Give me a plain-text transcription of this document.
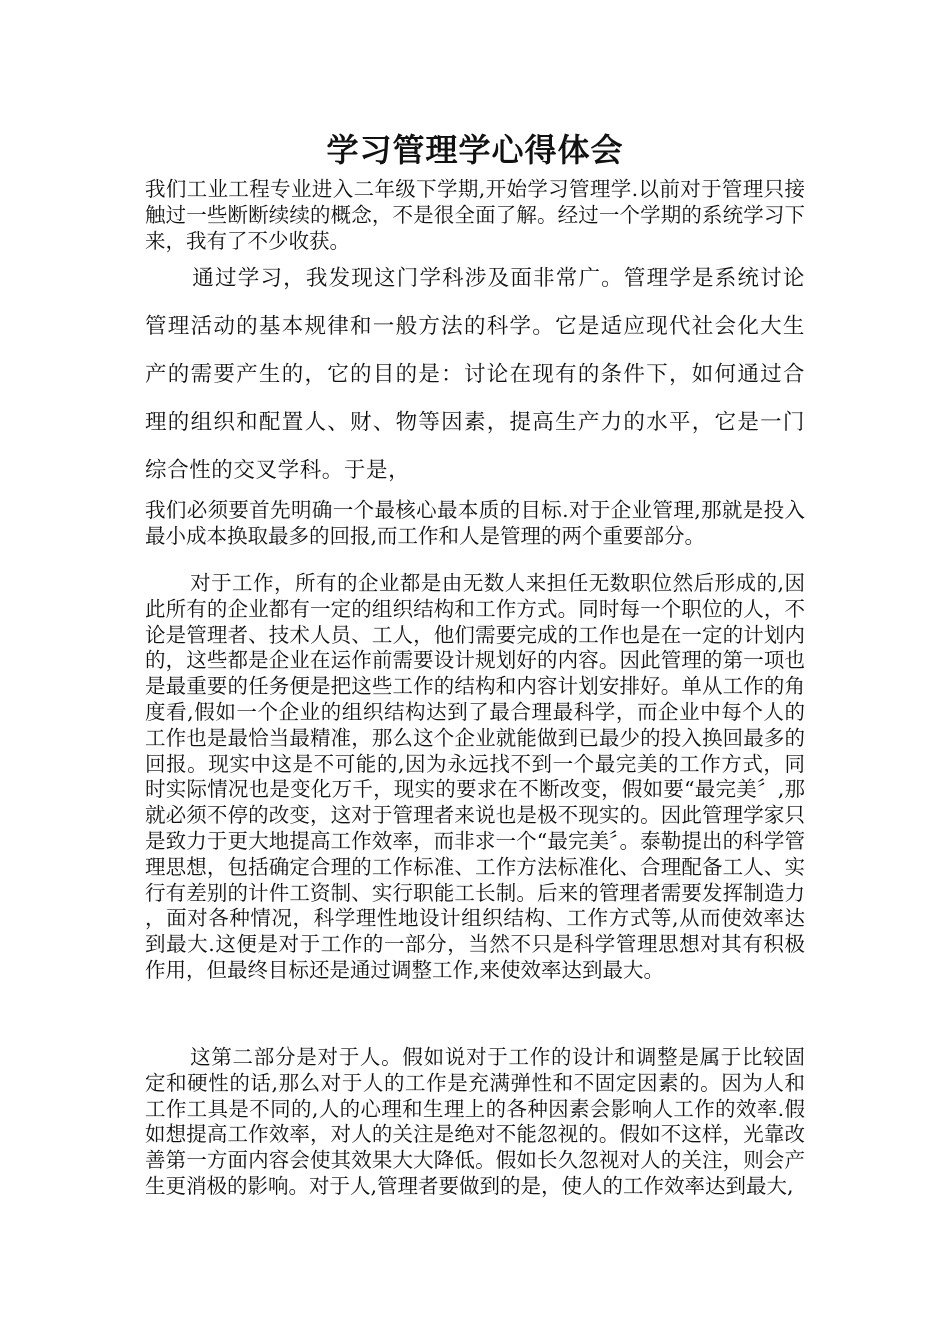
学习管理学心得体会

我们工业工程专业进入二年级下学期,开始学习管理学.以前对于管理只接触过一些断断续续的概念，不是很全面了解。经过一个学期的系统学习下来，我有了不少收获。

通过学习，我发现这门学科涉及面非常广。管理学是系统讨论管理活动的基本规律和一般方法的科学。它是适应现代社会化大生产的需要产生的，它的目的是：讨论在现有的条件下，如何通过合理的组织和配置人、财、物等因素，提高生产力的水平，它是一门综合性的交叉学科。于是，

我们必须要首先明确一个最核心最本质的目标.对于企业管理,那就是投入最小成本换取最多的回报,而工作和人是管理的两个重要部分。

对于工作，所有的企业都是由无数人来担任无数职位然后形成的,因此所有的企业都有一定的组织结构和工作方式。同时每一个职位的人，不论是管理者、技术人员、工人，他们需要完成的工作也是在一定的计划内的，这些都是企业在运作前需要设计规划好的内容。因此管理的第一项也是最重要的任务便是把这些工作的结构和内容计划安排好。单从工作的角度看,假如一个企业的组织结构达到了最合理最科学，而企业中每个人的工作也是最恰当最精准，那么这个企业就能做到已最少的投入换回最多的回报。现实中这是不可能的,因为永远找不到一个最完美的工作方式，同时实际情况也是变化万千，现实的要求在不断改变，假如要“最完美〞,那就必须不停的改变，这对于管理者来说也是极不现实的。因此管理学家只是致力于更大地提高工作效率，而非求一个“最完美〞。泰勒提出的科学管理思想，包括确定合理的工作标准、工作方法标准化、合理配备工人、实行有差别的计件工资制、实行职能工长制。后来的管理者需要发挥制造力，面对各种情况，科学理性地设计组织结构、工作方式等,从而使效率达到最大.这便是对于工作的一部分，当然不只是科学管理思想对其有积极作用，但最终目标还是通过调整工作,来使效率达到最大。

这第二部分是对于人。假如说对于工作的设计和调整是属于比较固定和硬性的话,那么对于人的工作是充满弹性和不固定因素的。因为人和工作工具是不同的,人的心理和生理上的各种因素会影响人工作的效率.假如想提高工作效率，对人的关注是绝对不能忽视的。假如不这样，光靠改善第一方面内容会使其效果大大降低。假如长久忽视对人的关注，则会产生更消极的影响。对于人,管理者要做到的是，使人的工作效率达到最大,
